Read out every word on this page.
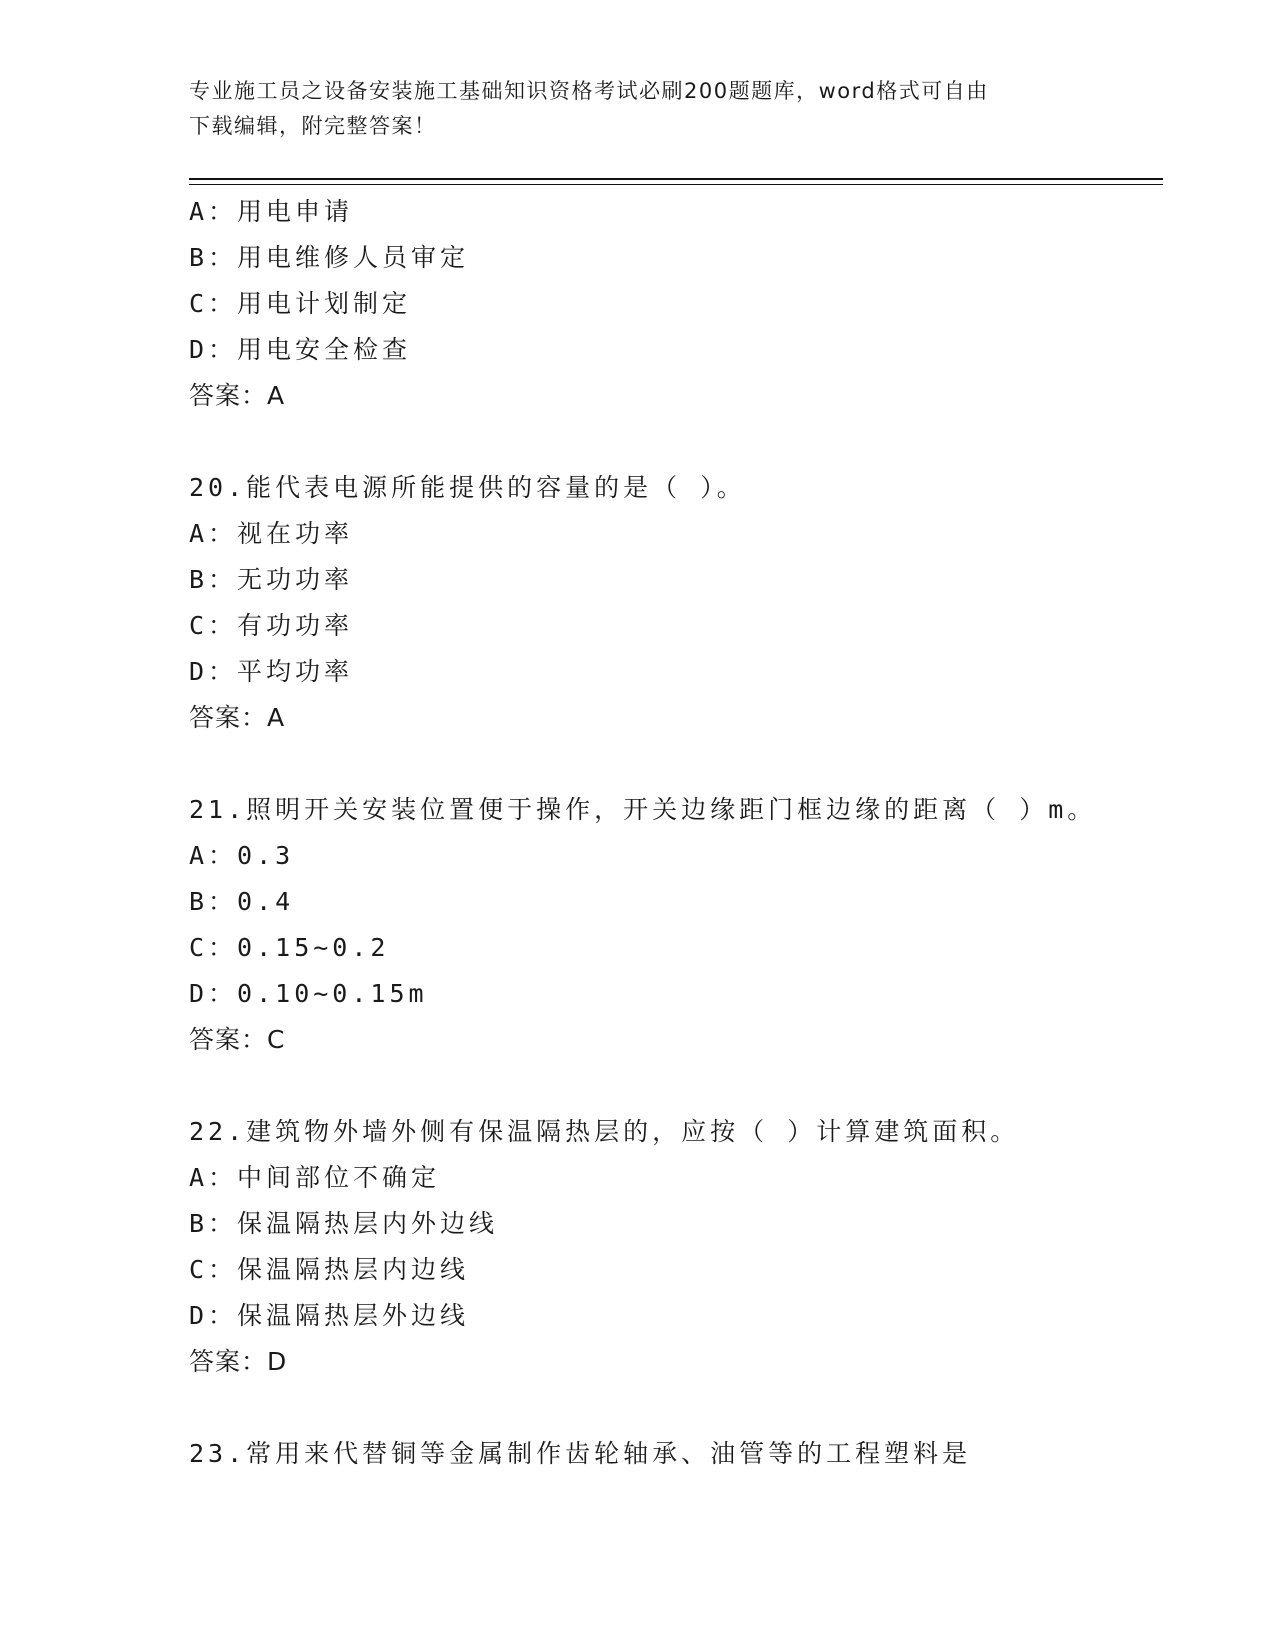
专业施工员之设备安装施工基础知识资格考试必刷200题题库，word格式可自由
下载编辑，附完整答案！
A：用电申请
B：用电维修人员审定
C：用电计划制定
D：用电安全检查
答案：A
20.能代表电源所能提供的容量的是（ ）。
A：视在功率
B：无功功率
C：有功功率
D：平均功率
答案：A
21.照明开关安装位置便于操作，开关边缘距门框边缘的距离（ ）m。
A：0.3
B：0.4
C：0.15~0.2
D：0.10~0.15m
答案：C
22.建筑物外墙外侧有保温隔热层的，应按（ ）计算建筑面积。
A：中间部位不确定
B：保温隔热层内外边线
C：保温隔热层内边线
D：保温隔热层外边线
答案：D
23.常用来代替铜等金属制作齿轮轴承、油管等的工程塑料是
